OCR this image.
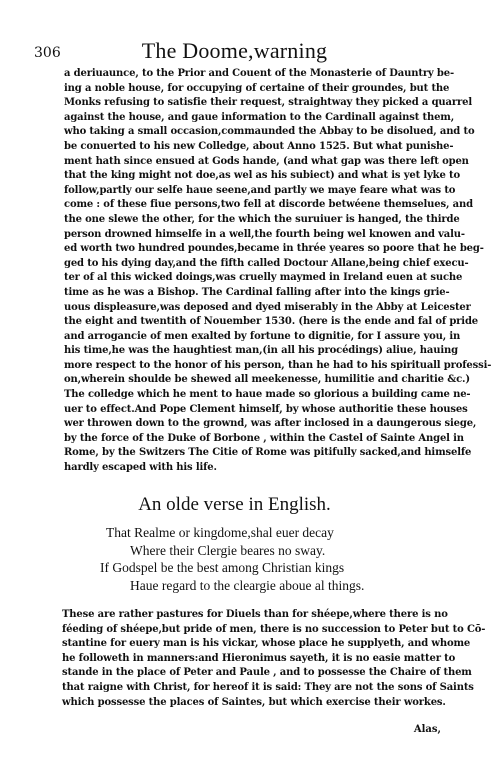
306	The Doome,warning
a deriuaunce, to the Prior and Couent of the Monasterie of Dauntry be-
ing a noble house, for occupying of certaine of their groundes, but the
Monks refusing to satisfie their request, straightway they picked a quarrel
against the house, and gaue information to the Cardinall against them,
who taking a small occasion,commaunded the Abbay to be disolued, and to
be conuerted to his new Colledge, about Anno 1525. But what punishe-
ment hath since ensued at Gods hande, (and what gap was there left open
that the king might not doe,as wel as his subiect) and what is yet lyke to
follow,partly our selfe haue seene,and partly we maye feare what was to
come : of these fiue persons,two fell at discorde betwéene themselues, and
the one slewe the other, for the which the suruiuer is hanged, the thirde
person drowned himselfe in a well,the fourth being wel knowen and valu-
ed worth two hundred poundes,became in thrée yeares so poore that he beg-
ged to his dying day,and the fifth called Doctour Allane,being chief execu-
ter of al this wicked doings,was cruelly maymed in Ireland euen at suche
time as he was a Bishop. The Cardinal falling after into the kings grie-
uous displeasure,was deposed and dyed miserably in the Abby at Leicester
the eight and twentith of Nouember 1530. (here is the ende and fal of pride
and arrogancie of men exalted by fortune to dignitie, for I assure you, in
his time,he was the haughtiest man,(in all his procédings) aliue, hauing
more respect to the honor of his person, than he had to his spirituall professi-
on,wherein shoulde be shewed all meekenesse, humilitie and charitie &c.)
The colledge which he ment to haue made so glorious a building came ne-
uer to effect.And Pope Clement himself, by whose authoritie these houses
wer throwen down to the grownd, was after inclosed in a daungerous siege,
by the force of the Duke of Borbone , within the Castel of Sainte Angel in
Rome, by the Switzers The Citie of Rome was pitifully sacked,and himselfe
hardly escaped with his life.
An olde verse in English.
That Realme or kingdome,shal euer decay
Where their Clergie beares no sway.
If Godspel be the best among Christian kings
Haue regard to the cleargie aboue al things.
These are rather pastures for Diuels than for shéepe,where there is no
féeding of shéepe,but pride of men, there is no succession to Peter but to Cō-
stantine for euery man is his vickar, whose place he supplyeth, and whome
he followeth in manners:and Hieronimus sayeth, it is no easie matter to
stande in the place of Peter and Paule , and to possesse the Chaire of them
that raigne with Christ, for hereof it is said: They are not the sons of Saints
which possesse the places of Saintes, but which exercise their workes.
Alas,
